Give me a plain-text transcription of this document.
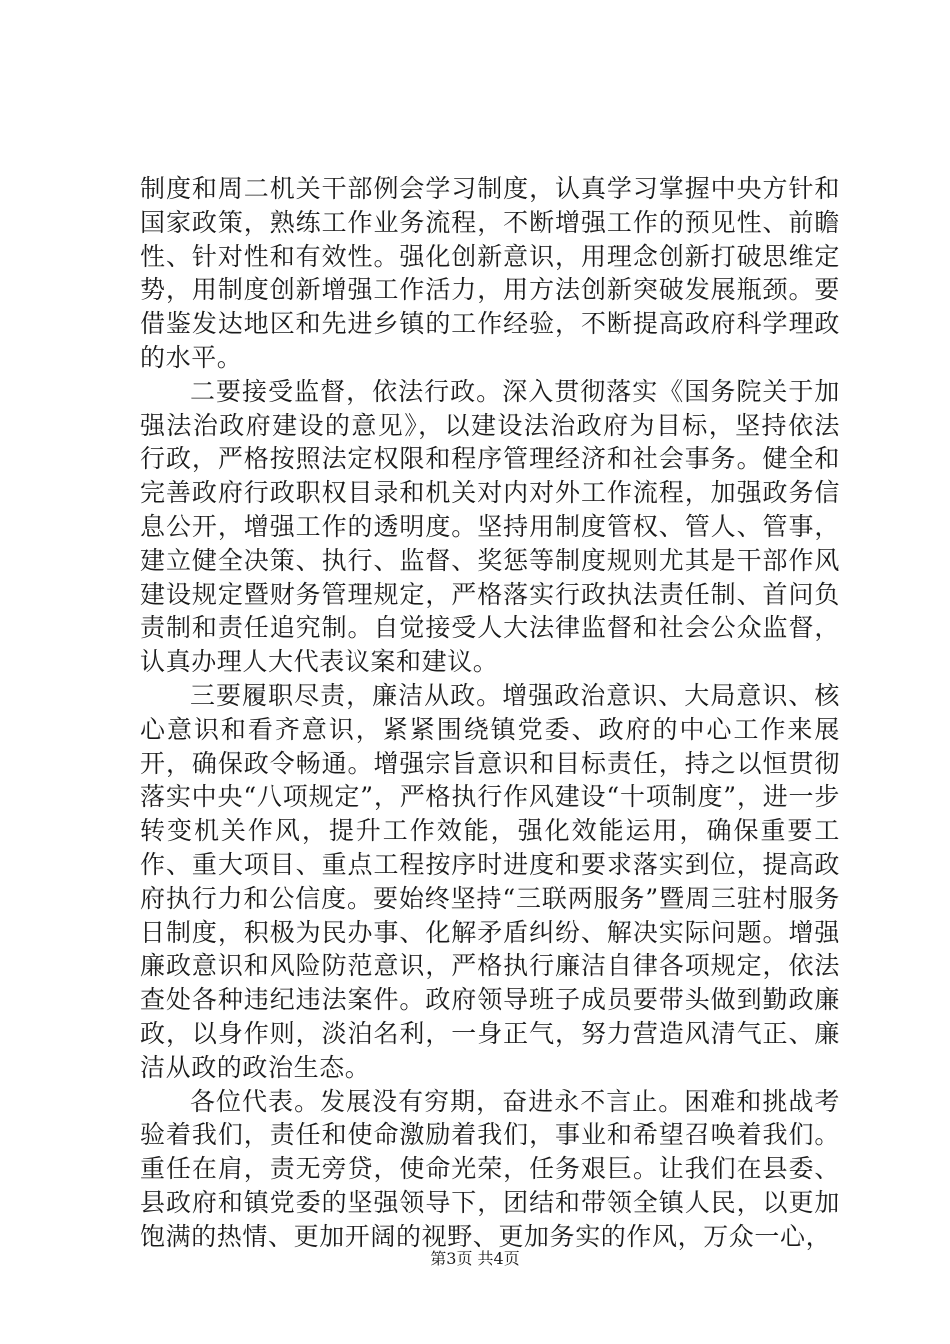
制度和周二机关干部例会学习制度，认真学习掌握中央方针和国家政策，熟练工作业务流程，不断增强工作的预见性、前瞻性、针对性和有效性。强化创新意识，用理念创新打破思维定势，用制度创新增强工作活力，用方法创新突破发展瓶颈。要借鉴发达地区和先进乡镇的工作经验，不断提高政府科学理政的水平。

二要接受监督，依法行政。深入贯彻落实《国务院关于加强法治政府建设的意见》，以建设法治政府为目标，坚持依法行政，严格按照法定权限和程序管理经济和社会事务。健全和完善政府行政职权目录和机关对内对外工作流程，加强政务信息公开，增强工作的透明度。坚持用制度管权、管人、管事，建立健全决策、执行、监督、奖惩等制度规则尤其是干部作风建设规定暨财务管理规定，严格落实行政执法责任制、首问负责制和责任追究制。自觉接受人大法律监督和社会公众监督，认真办理人大代表议案和建议。

三要履职尽责，廉洁从政。增强政治意识、大局意识、核心意识和看齐意识，紧紧围绕镇党委、政府的中心工作来展开，确保政令畅通。增强宗旨意识和目标责任，持之以恒贯彻落实中央“八项规定”，严格执行作风建设“十项制度”，进一步转变机关作风，提升工作效能，强化效能运用，确保重要工作、重大项目、重点工程按序时进度和要求落实到位，提高政府执行力和公信度。要始终坚持“三联两服务”暨周三驻村服务日制度，积极为民办事、化解矛盾纠纷、解决实际问题。增强廉政意识和风险防范意识，严格执行廉洁自律各项规定，依法查处各种违纪违法案件。政府领导班子成员要带头做到勤政廉政，以身作则，淡泊名利，一身正气，努力营造风清气正、廉洁从政的政治生态。

各位代表。发展没有穷期，奋进永不言止。困难和挑战考验着我们，责任和使命激励着我们，事业和希望召唤着我们。重任在肩，责无旁贷，使命光荣，任务艰巨。让我们在县委、县政府和镇党委的坚强领导下，团结和带领全镇人民，以更加饱满的热情、更加开阔的视野、更加务实的作风，万众一心，

第3页 共4页
